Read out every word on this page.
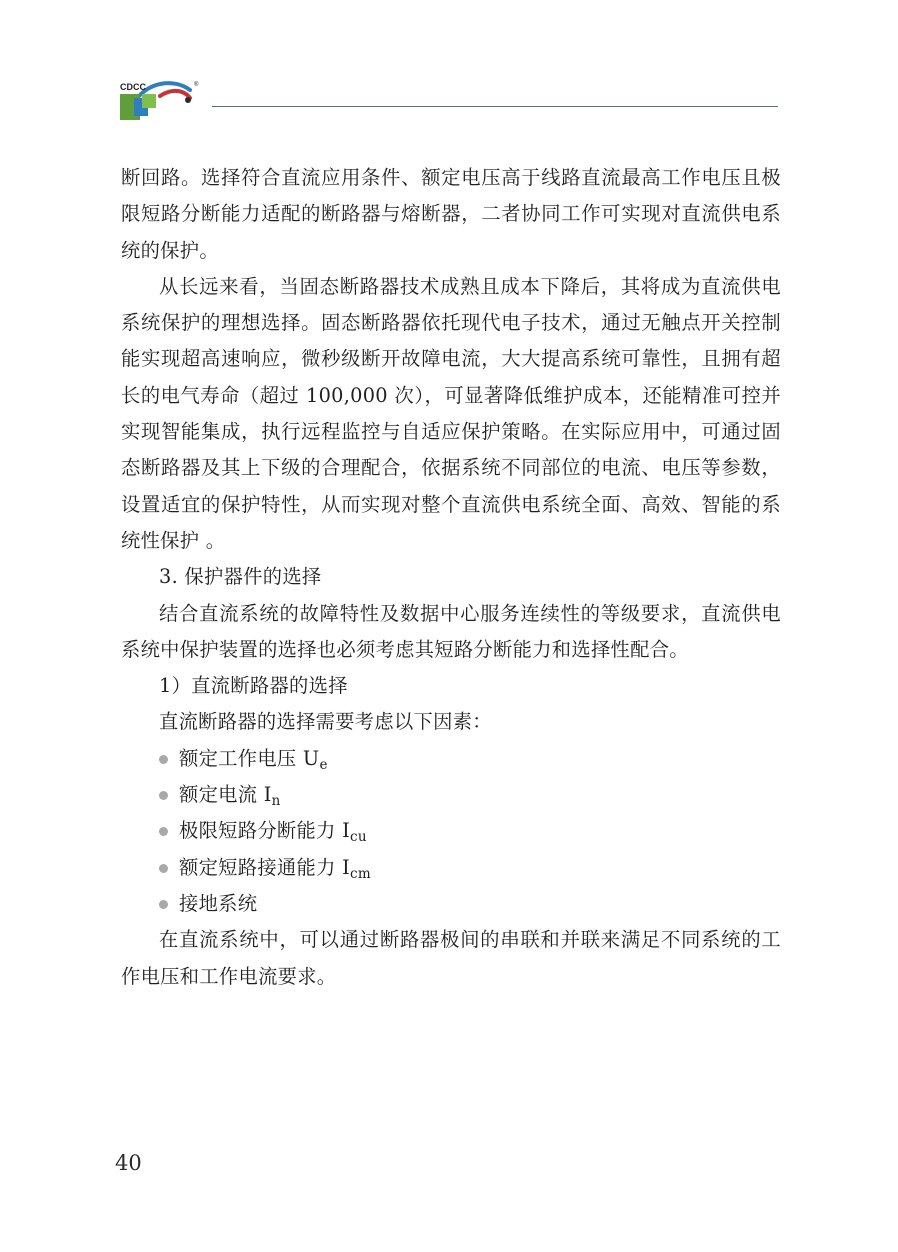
CDCC	®

断回路。选择符合直流应用条件、额定电压高于线路直流最高工作电压且极限短路分断能力适配的断路器与熔断器，二者协同工作可实现对直流供电系统的保护。

从长远来看，当固态断路器技术成熟且成本下降后，其将成为直流供电系统保护的理想选择。固态断路器依托现代电子技术，通过无触点开关控制能实现超高速响应，微秒级断开故障电流，大大提高系统可靠性，且拥有超长的电气寿命（超过 100,000 次），可显著降低维护成本，还能精准可控并实现智能集成，执行远程监控与自适应保护策略。在实际应用中，可通过固态断路器及其上下级的合理配合，依据系统不同部位的电流、电压等参数，设置适宜的保护特性，从而实现对整个直流供电系统全面、高效、智能的系统性保护 。

3. 保护器件的选择

结合直流系统的故障特性及数据中心服务连续性的等级要求，直流供电系统中保护装置的选择也必须考虑其短路分断能力和选择性配合。

1）直流断路器的选择

直流断路器的选择需要考虑以下因素：

额定工作电压 $U_e$
额定电流 $I_n$
极限短路分断能力 $I_{cu}$
额定短路接通能力 $I_{cm}$
接地系统

在直流系统中，可以通过断路器极间的串联和并联来满足不同系统的工作电压和工作电流要求。

40
